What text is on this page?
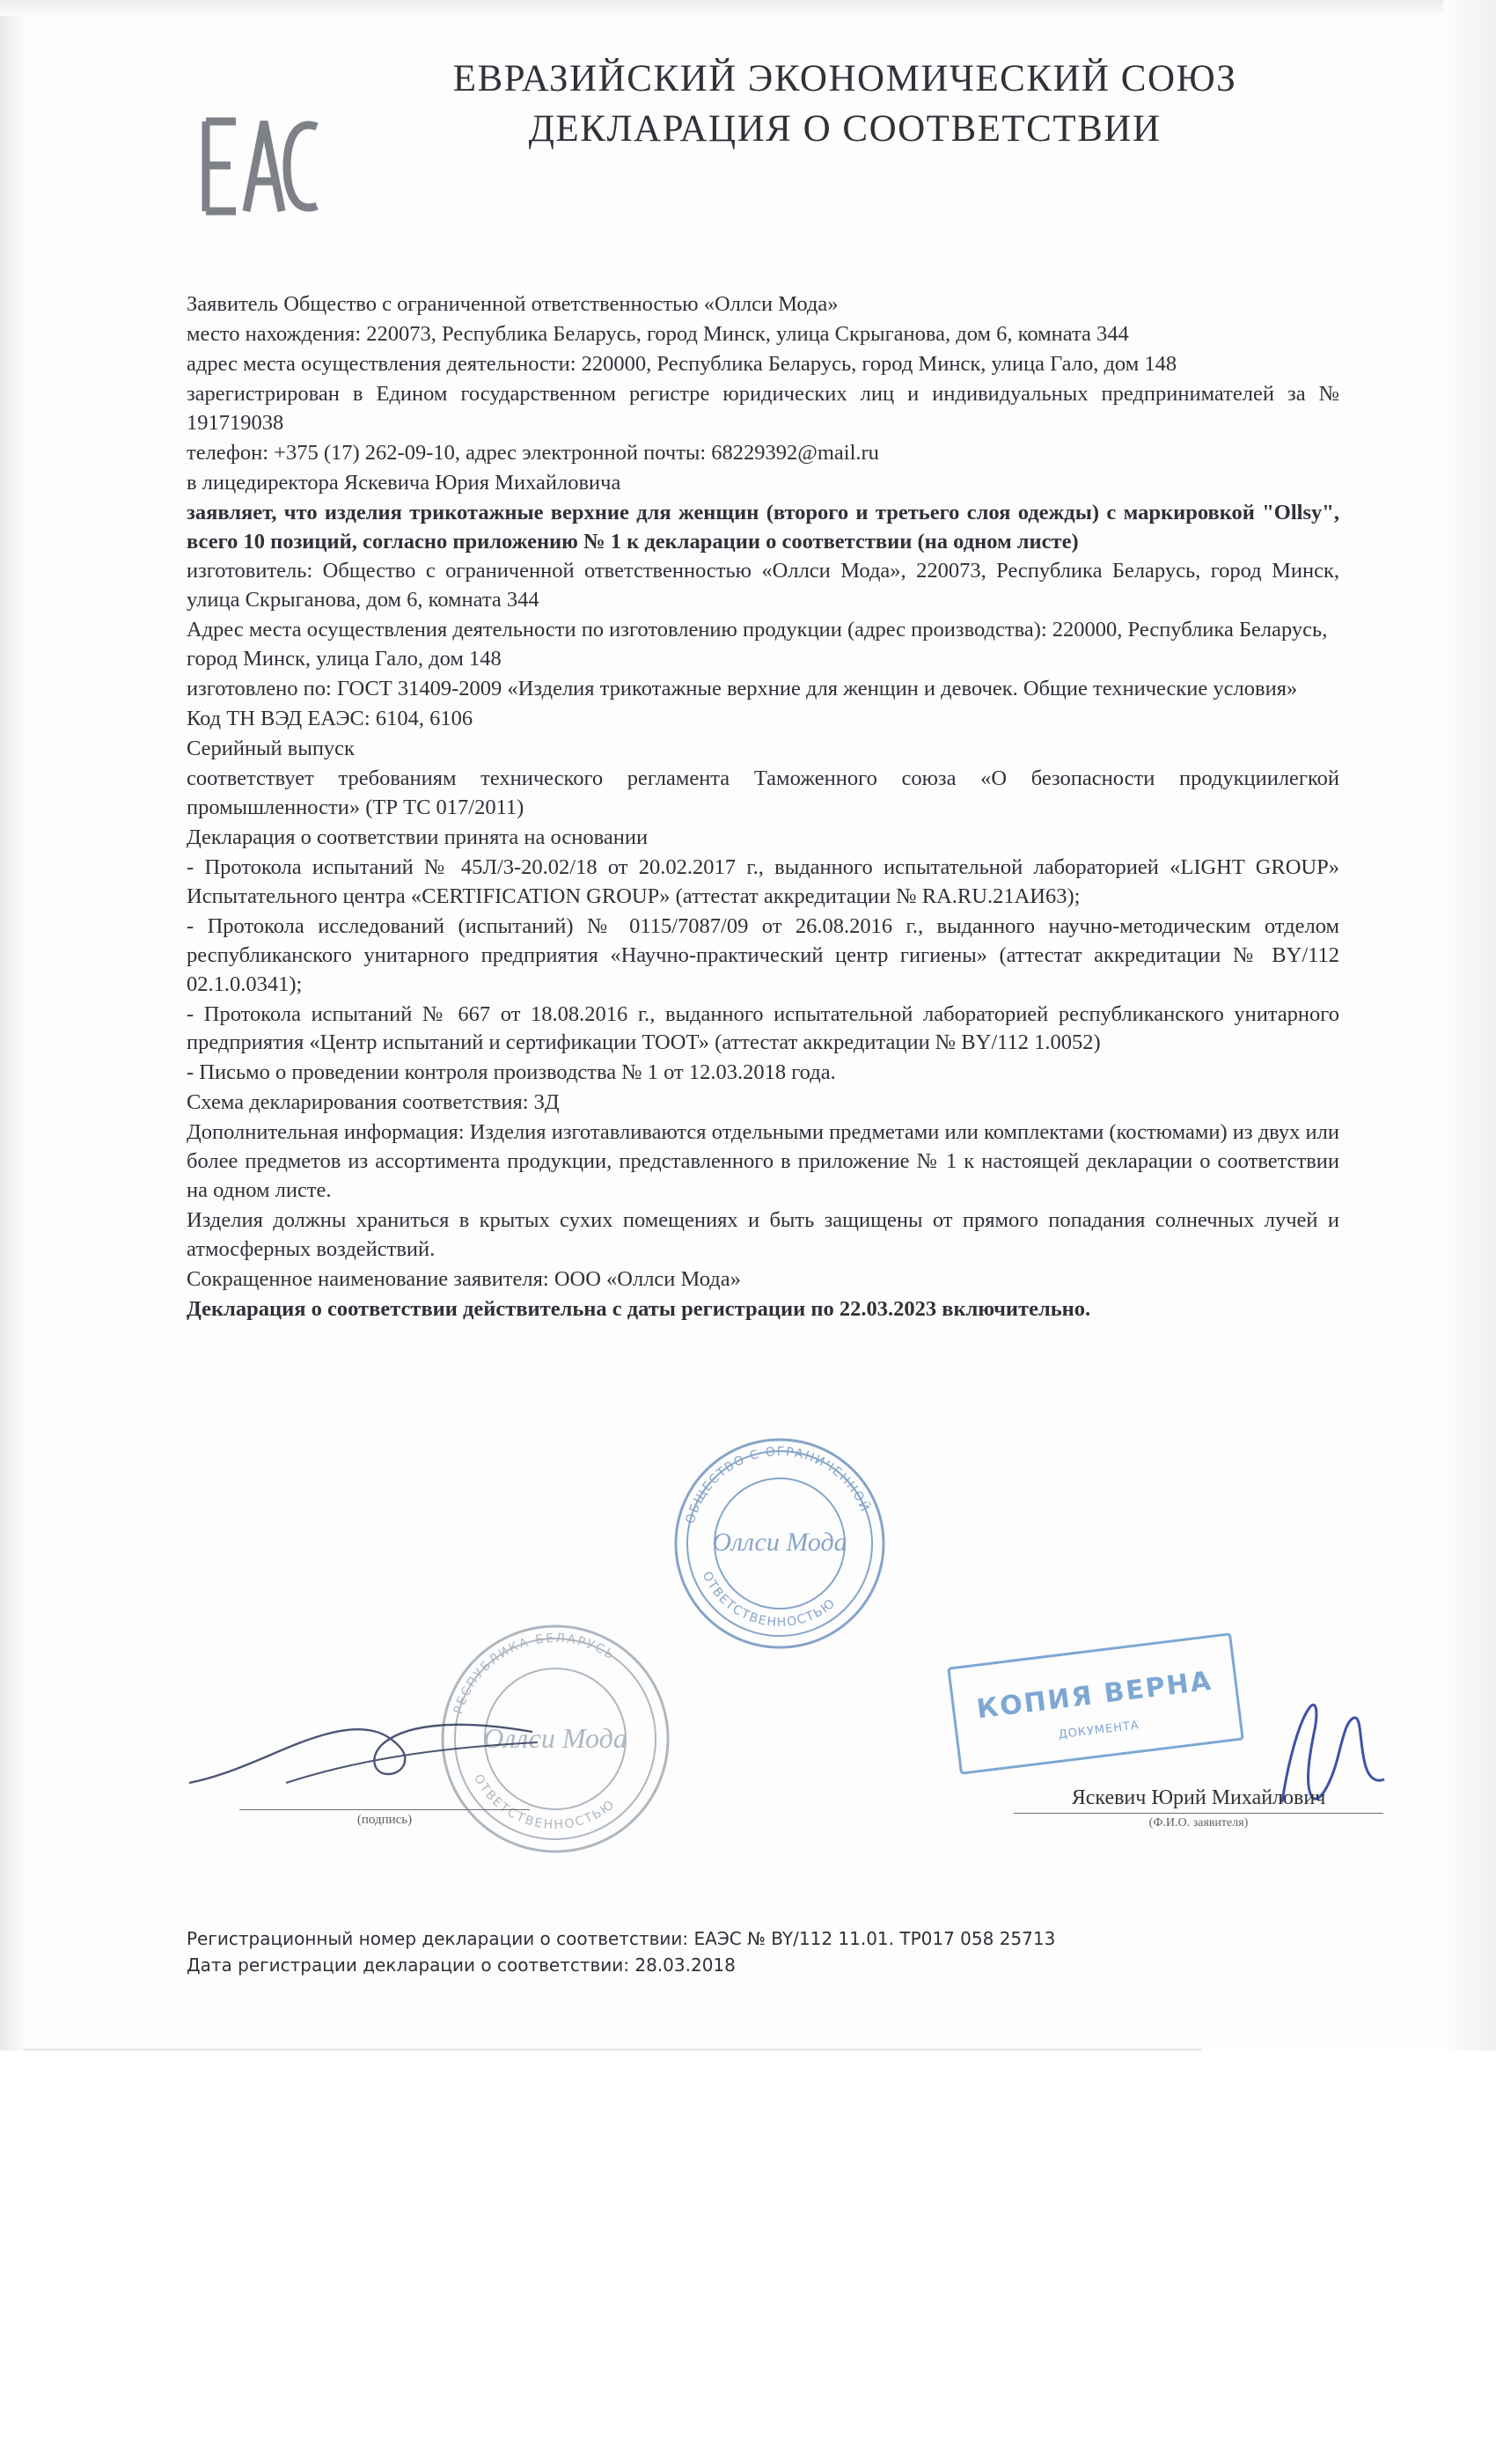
ЕВРАЗИЙСКИЙ ЭКОНОМИЧЕСКИЙ СОЮЗ
ДЕКЛАРАЦИЯ О СООТВЕТСТВИИ

Заявитель Общество с ограниченной ответственностью «Оллси Мода»

место нахождения: 220073, Республика Беларусь, город Минск, улица Скрыганова, дом 6, комната 344

адрес места осуществления деятельности: 220000, Республика Беларусь, город Минск, улица Гало, дом 148

зарегистрирован в Едином государственном регистре юридических лиц и индивидуальных предпринимателей за № 191719038

телефон: +375 (17) 262-09-10, адрес электронной почты: 68229392@mail.ru

в лицедиректора Яскевича Юрия Михайловича

заявляет, что изделия трикотажные верхние для женщин (второго и третьего слоя одежды) с маркировкой "Ollsy", всего 10 позиций, согласно приложению № 1 к декларации о соответствии (на одном листе)

изготовитель: Общество с ограниченной ответственностью «Оллси Мода», 220073, Республика Беларусь, город Минск, улица Скрыганова, дом 6, комната 344

Адрес места осуществления деятельности по изготовлению продукции (адрес производства): 220000, Республика Беларусь, город Минск, улица Гало, дом 148

изготовлено по: ГОСТ 31409-2009 «Изделия трикотажные верхние для женщин и девочек. Общие технические условия»

Код ТН ВЭД ЕАЭС: 6104, 6106

Серийный выпуск

соответствует требованиям технического регламента Таможенного союза «О безопасности продукциилегкой промышленности» (ТР ТС 017/2011)

Декларация о соответствии принята на основании

- Протокола испытаний № 45Л/3-20.02/18 от 20.02.2017 г., выданного испытательной лабораторией «LIGHT GROUP» Испытательного центра «CERTIFICATION GROUP» (аттестат аккредитации № RA.RU.21АИ63);

- Протокола исследований (испытаний) № 0115/7087/09 от 26.08.2016 г., выданного научно-методическим отделом республиканского унитарного предприятия «Научно-практический центр гигиены» (аттестат аккредитации № BY/112 02.1.0.0341);

- Протокола испытаний № 667 от 18.08.2016 г., выданного испытательной лабораторией республиканского унитарного предприятия «Центр испытаний и сертификации ТООТ» (аттестат аккредитации № BY/112 1.0052)

- Письмо о проведении контроля производства № 1 от 12.03.2018 года.

Схема декларирования соответствия: 3Д

Дополнительная информация: Изделия изготавливаются отдельными предметами или комплектами (костюмами) из двух или более предметов из ассортимента продукции, представленного в приложение № 1 к настоящей декларации о соответствии на одном листе.

Изделия должны храниться в крытых сухих помещениях и быть защищены от прямого попадания солнечных лучей и атмосферных воздействий.

Сокращенное наименование заявителя: ООО «Оллси Мода»

Декларация о соответствии действительна с даты регистрации по 22.03.2023 включительно.

ОБЩЕСТВО С ОГРАНИЧЕННОЙ
ОТВЕТСТВЕННОСТЬЮ
Оллси Мода
РЕСПУБЛИКА БЕЛАРУСЬ
ОТВЕТСТВЕННОСТЬЮ
Оллси Мода
КОПИЯ ВЕРНА
ДОКУМЕНТА
(подпись)
Яскевич Юрий Михайлович
(Ф.И.О. заявителя)
Регистрационный номер декларации о соответствии: ЕАЭС № BY/112 11.01. ТР017 058 25713
Дата регистрации декларации о соответствии: 28.03.2018
